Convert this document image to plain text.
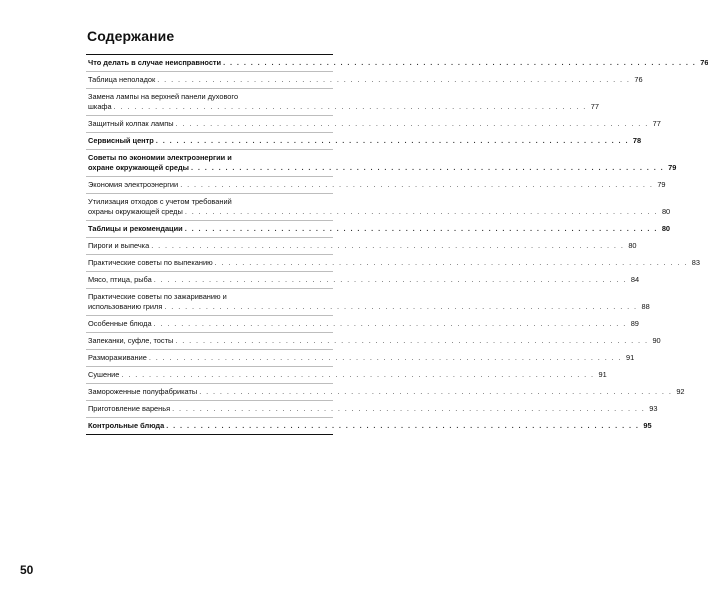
Содержание
Что делать в случае неисправности . . . . . . . . . . . . . . . . . . . . . . . . . . . . . . . . . . . . . . . . . . . . . . . . . . . . . . . . . . . . . . . . . . . . . 76
Таблица неполадок . . . . . . . . . . . . . . . . . . . . . . . . . . . . . . . . . . . . . . . . . . . . . . . . . . . . . . . . . . . . . . . . . . . . . 76
Замена лампы на верхней панели духового
шкафа . . . . . . . . . . . . . . . . . . . . . . . . . . . . . . . . . . . . . . . . . . . . . . . . . . . . . . . . . . . . . . . . . . . . . 77
Защитный колпак лампы . . . . . . . . . . . . . . . . . . . . . . . . . . . . . . . . . . . . . . . . . . . . . . . . . . . . . . . . . . . . . . . . . . . . . 77
Сервисный центр . . . . . . . . . . . . . . . . . . . . . . . . . . . . . . . . . . . . . . . . . . . . . . . . . . . . . . . . . . . . . . . . . . . . . 78
Советы по экономии электроэнергии и
охране окружающей среды . . . . . . . . . . . . . . . . . . . . . . . . . . . . . . . . . . . . . . . . . . . . . . . . . . . . . . . . . . . . . . . . . . . . . 79
Экономия электроэнергии . . . . . . . . . . . . . . . . . . . . . . . . . . . . . . . . . . . . . . . . . . . . . . . . . . . . . . . . . . . . . . . . . . . . . 79
Утилизация отходов с учетом требований
охраны окружающей среды . . . . . . . . . . . . . . . . . . . . . . . . . . . . . . . . . . . . . . . . . . . . . . . . . . . . . . . . . . . . . . . . . . . . . 80
Таблицы и рекомендации . . . . . . . . . . . . . . . . . . . . . . . . . . . . . . . . . . . . . . . . . . . . . . . . . . . . . . . . . . . . . . . . . . . . . 80
Пироги и выпечка . . . . . . . . . . . . . . . . . . . . . . . . . . . . . . . . . . . . . . . . . . . . . . . . . . . . . . . . . . . . . . . . . . . . . 80
Практические советы по выпеканию . . . . . . . . . . . . . . . . . . . . . . . . . . . . . . . . . . . . . . . . . . . . . . . . . . . . . . . . . . . . . . . . . . . . . 83
Мясо, птица, рыба . . . . . . . . . . . . . . . . . . . . . . . . . . . . . . . . . . . . . . . . . . . . . . . . . . . . . . . . . . . . . . . . . . . . . 84
Практические советы по зажариванию и
использованию гриля . . . . . . . . . . . . . . . . . . . . . . . . . . . . . . . . . . . . . . . . . . . . . . . . . . . . . . . . . . . . . . . . . . . . . 88
Особенные блюда . . . . . . . . . . . . . . . . . . . . . . . . . . . . . . . . . . . . . . . . . . . . . . . . . . . . . . . . . . . . . . . . . . . . . 89
Запеканки, суфле, тосты . . . . . . . . . . . . . . . . . . . . . . . . . . . . . . . . . . . . . . . . . . . . . . . . . . . . . . . . . . . . . . . . . . . . . 90
Размораживание . . . . . . . . . . . . . . . . . . . . . . . . . . . . . . . . . . . . . . . . . . . . . . . . . . . . . . . . . . . . . . . . . . . . . 91
Сушение . . . . . . . . . . . . . . . . . . . . . . . . . . . . . . . . . . . . . . . . . . . . . . . . . . . . . . . . . . . . . . . . . . . . . 91
Замороженные полуфабрикаты . . . . . . . . . . . . . . . . . . . . . . . . . . . . . . . . . . . . . . . . . . . . . . . . . . . . . . . . . . . . . . . . . . . . . 92
Приготовление варенья . . . . . . . . . . . . . . . . . . . . . . . . . . . . . . . . . . . . . . . . . . . . . . . . . . . . . . . . . . . . . . . . . . . . . 93
Контрольные блюда . . . . . . . . . . . . . . . . . . . . . . . . . . . . . . . . . . . . . . . . . . . . . . . . . . . . . . . . . . . . . . . . . . . . . 95
50
